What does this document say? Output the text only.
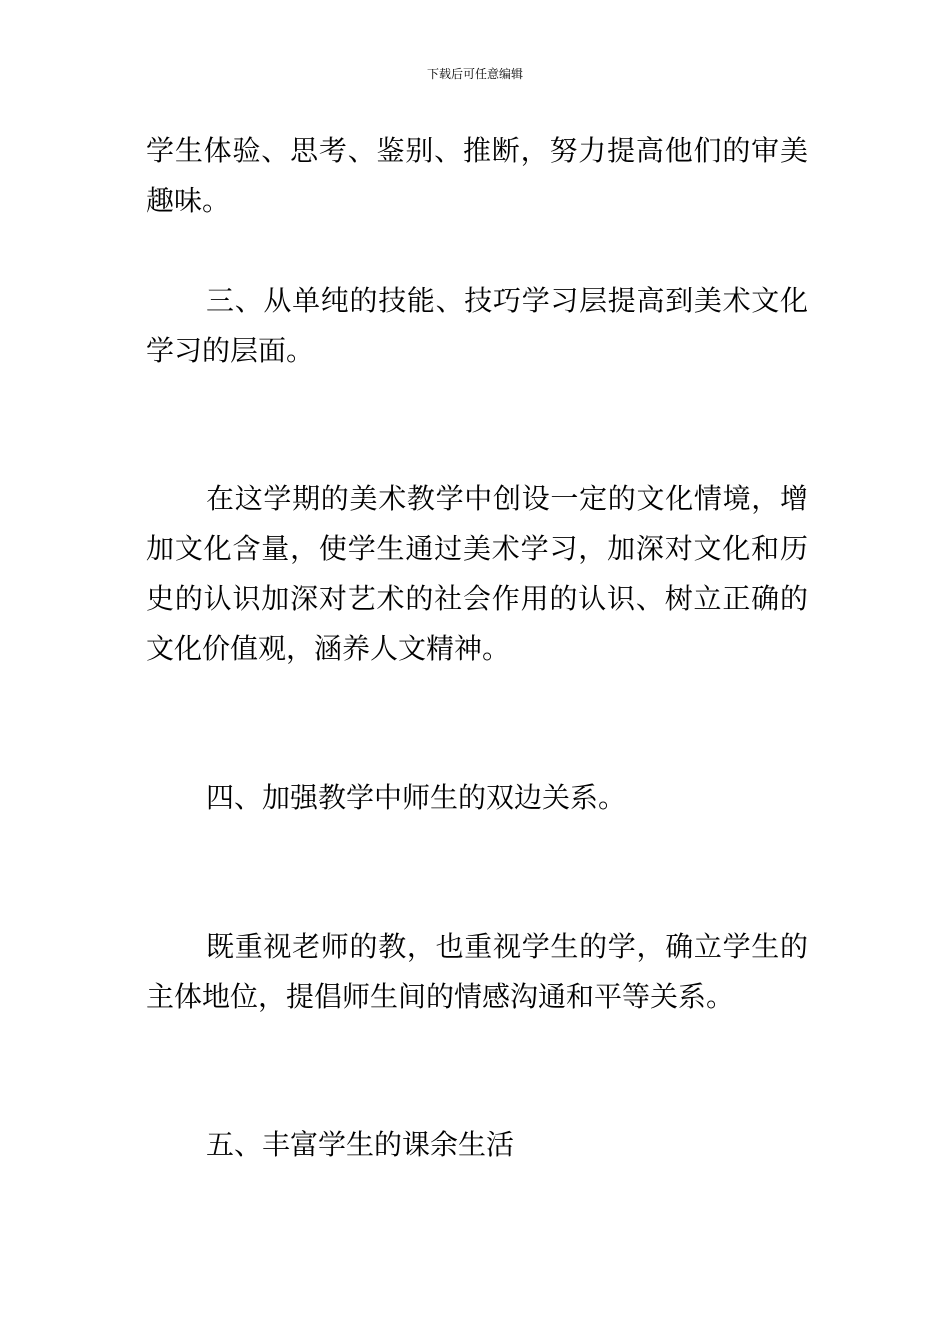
下载后可任意编辑

学生体验、思考、鉴别、推断，努力提高他们的审美趣味。

三、从单纯的技能、技巧学习层提高到美术文化学习的层面。

在这学期的美术教学中创设一定的文化情境，增加文化含量，使学生通过美术学习，加深对文化和历史的认识加深对艺术的社会作用的认识、树立正确的文化价值观，涵养人文精神。

四、加强教学中师生的双边关系。

既重视老师的教，也重视学生的学，确立学生的主体地位，提倡师生间的情感沟通和平等关系。

五、丰富学生的课余生活
